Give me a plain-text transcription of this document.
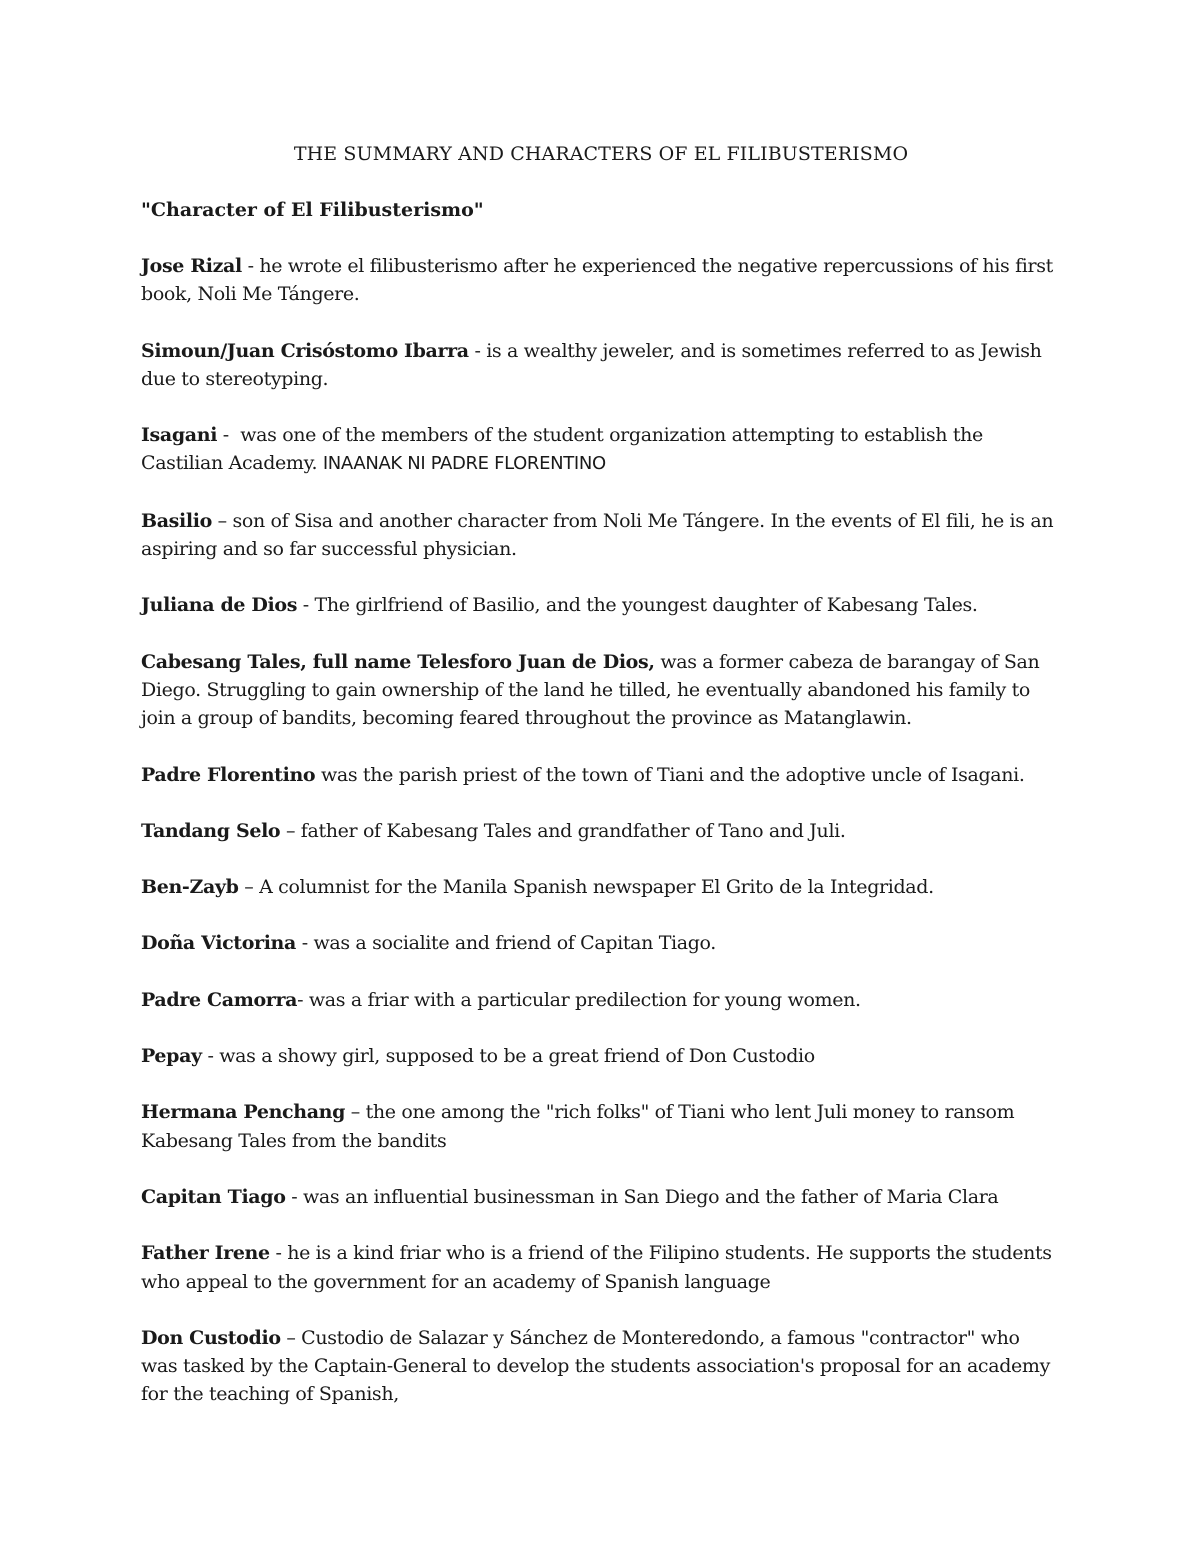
THE SUMMARY AND CHARACTERS OF EL FILIBUSTERISMO
"Character of El Filibusterismo"
Jose Rizal - he wrote el filibusterismo after he experienced the negative repercussions of his first book, Noli Me Tángere.
Simoun/Juan Crisóstomo Ibarra - is a wealthy jeweler, and is sometimes referred to as Jewish due to stereotyping.
Isagani -  was one of the members of the student organization attempting to establish the Castilian Academy. INAANAK NI PADRE FLORENTINO
Basilio – son of Sisa and another character from Noli Me Tángere. In the events of El fili, he is an aspiring and so far successful physician.
Juliana de Dios - The girlfriend of Basilio, and the youngest daughter of Kabesang Tales.
Cabesang Tales, full name Telesforo Juan de Dios, was a former cabeza de barangay of San Diego. Struggling to gain ownership of the land he tilled, he eventually abandoned his family to join a group of bandits, becoming feared throughout the province as Matanglawin.
Padre Florentino was the parish priest of the town of Tiani and the adoptive uncle of Isagani.
Tandang Selo – father of Kabesang Tales and grandfather of Tano and Juli.
Ben-Zayb – A columnist for the Manila Spanish newspaper El Grito de la Integridad.
Doña Victorina - was a socialite and friend of Capitan Tiago.
Padre Camorra- was a friar with a particular predilection for young women.
Pepay - was a showy girl, supposed to be a great friend of Don Custodio
Hermana Penchang – the one among the "rich folks" of Tiani who lent Juli money to ransom Kabesang Tales from the bandits
Capitan Tiago - was an influential businessman in San Diego and the father of Maria Clara
Father Irene - he is a kind friar who is a friend of the Filipino students. He supports the students who appeal to the government for an academy of Spanish language
Don Custodio – Custodio de Salazar y Sánchez de Monteredondo, a famous "contractor" who was tasked by the Captain-General to develop the students association's proposal for an academy for the teaching of Spanish,
